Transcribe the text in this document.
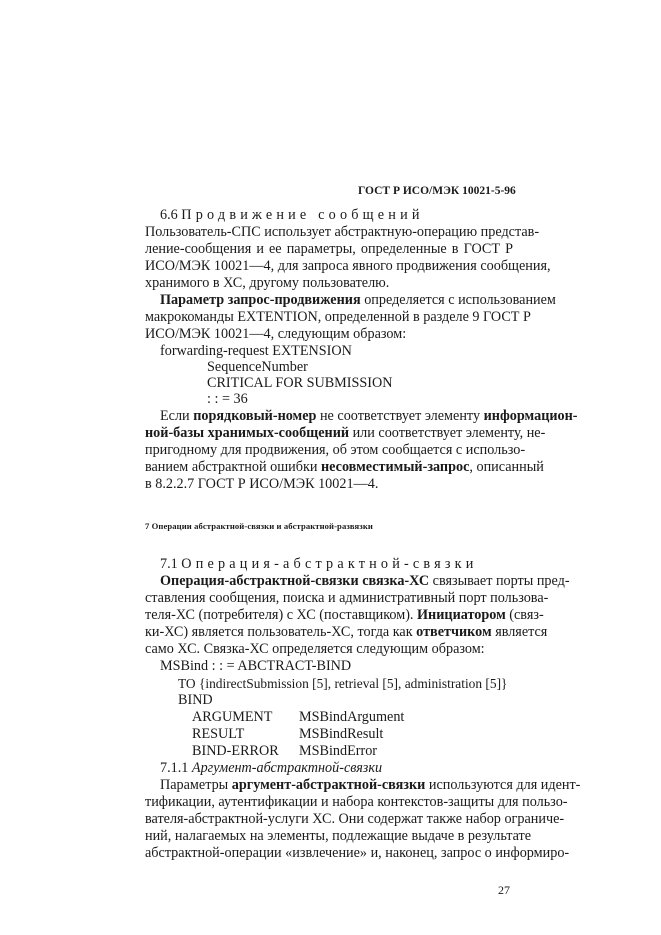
ГОСТ Р ИСО/МЭК 10021-5-96
6.6 Продвижение сообщений
Пользователь-СПС использует абстрактную-операцию представ-
ление-сообщения и ее параметры, определенные в ГОСТ Р
ИСО/МЭК 10021—4, для запроса явного продвижения сообщения,
хранимого в ХС, другому пользователю.
Параметр запрос-продвижения определяется с использованием
макрокоманды EXTENTION, определенной в разделе 9 ГОСТ Р
ИСО/МЭК 10021—4, следующим образом:
forwarding-request EXTENSION
SequenceNumber
CRITICAL FOR SUBMISSION
: : = 36
Если порядковый-номер не соответствует элементу информацион-
ной-базы хранимых-сообщений или соответствует элементу, не-
пригодному для продвижения, об этом сообщается с использо-
ванием абстрактной ошибки несовместимый-запрос, описанный
в 8.2.2.7 ГОСТ Р ИСО/МЭК 10021—4.
7 Операции абстрактной-связки и абстрактной-развязки
7.1 Операция-абстрактной-связки
Операция-абстрактной-связки связка-ХС связывает порты пред-
ставления сообщения, поиска и административный порт пользова-
теля-ХС (потребителя) с ХС (поставщиком). Инициатором (связ-
ки-ХС) является пользователь-ХС, тогда как ответчиком является
само ХС. Связка-ХС определяется следующим образом:
MSBind : : = ABCTRACT-BIND
TO {indirectSubmission [5], retrieval [5], administration [5]}
BIND
ARGUMENT MSBindArgument
RESULT	MSBindResult
BIND-ERROR MSBindError
7.1.1 Аргумент-абстрактной-связки
Параметры аргумент-абстрактной-связки используются для идент-
тификации, аутентификации и набора контекстов-защиты для пользо-
вателя-абстрактной-услуги ХС. Они содержат также набор ограниче-
ний, налагаемых на элементы, подлежащие выдаче в результате
абстрактной-операции «извлечение» и, наконец, запрос о информиро-
27
